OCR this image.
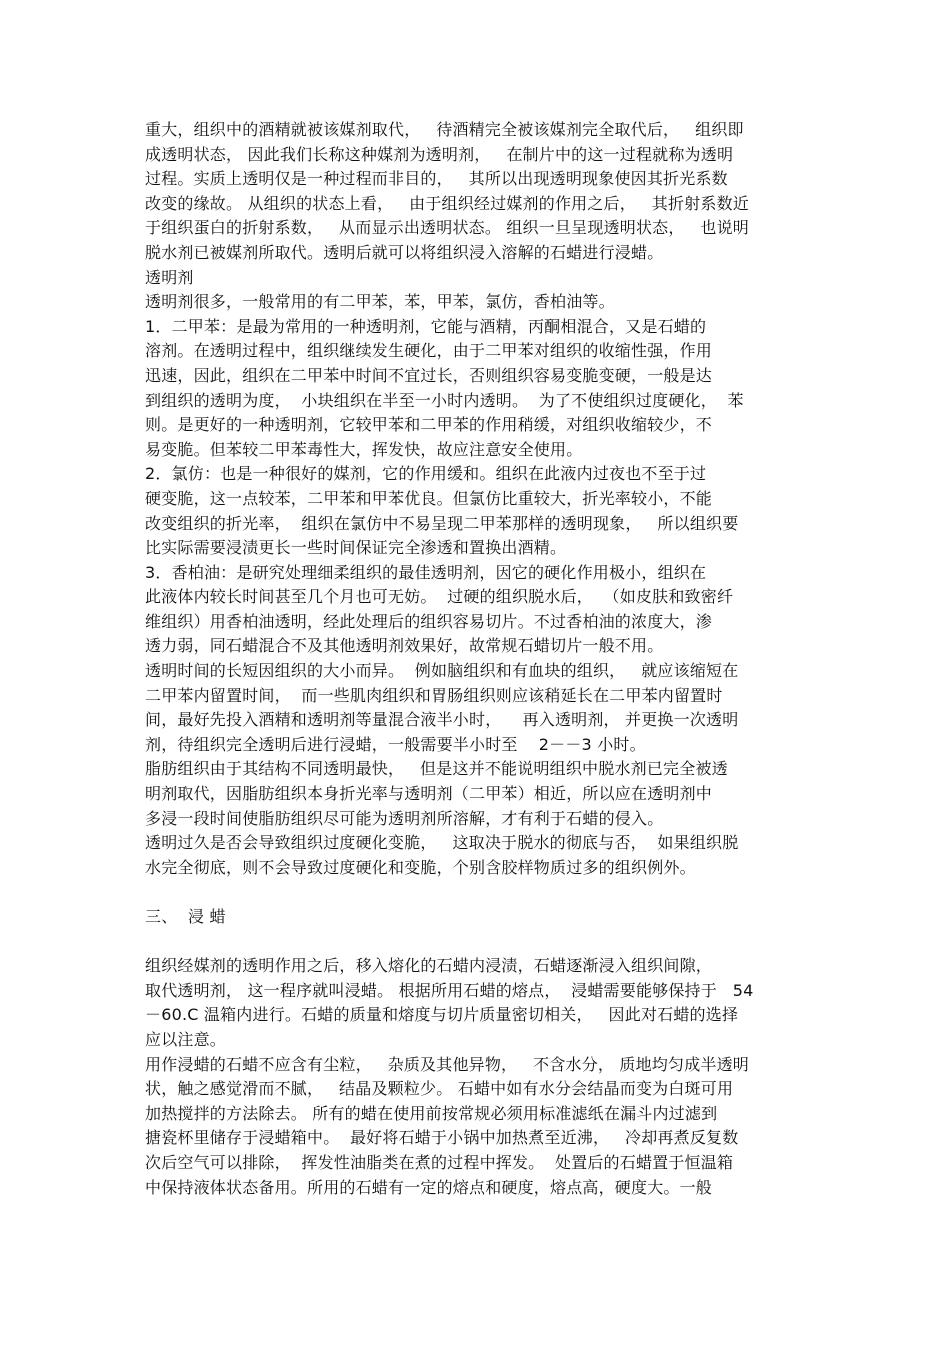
重大，组织中的酒精就被该媒剂取代，   待酒精完全被该媒剂完全取代后，   组织即
成透明状态， 因此我们长称这种媒剂为透明剂，   在制片中的这一过程就称为透明
过程。实质上透明仅是一种过程而非目的，   其所以出现透明现象使因其折光系数
改变的缘故。 从组织的状态上看，   由于组织经过媒剂的作用之后，   其折射系数近
于组织蛋白的折射系数，   从而显示出透明状态。 组织一旦呈现透明状态，   也说明
脱水剂已被媒剂所取代。透明后就可以将组织浸入溶解的石蜡进行浸蜡。
透明剂
透明剂很多，一般常用的有二甲苯，苯，甲苯，氯仿，香柏油等。
1．二甲苯：是最为常用的一种透明剂，它能与酒精，丙酮相混合，又是石蜡的
溶剂。在透明过程中，组织继续发生硬化，由于二甲苯对组织的收缩性强，作用
迅速，因此，组织在二甲苯中时间不宜过长，否则组织容易变脆变硬，一般是达
到组织的透明为度，  小块组织在半至一小时内透明。  为了不使组织过度硬化，  苯
则。是更好的一种透明剂，它较甲苯和二甲苯的作用稍缓，对组织收缩较少，不
易变脆。但苯较二甲苯毒性大，挥发快，故应注意安全使用。
2．氯仿：也是一种很好的媒剂，它的作用缓和。组织在此液内过夜也不至于过
硬变脆，这一点较苯，二甲苯和甲苯优良。但氯仿比重较大，折光率较小，不能
改变组织的折光率，  组织在氯仿中不易呈现二甲苯那样的透明现象，   所以组织要
比实际需要浸渍更长一些时间保证完全渗透和置换出酒精。
3．香柏油：是研究处理细柔组织的最佳透明剂，因它的硬化作用极小，组织在
此液体内较长时间甚至几个月也可无妨。  过硬的组织脱水后，  （如皮肤和致密纤
维组织）用香柏油透明，经此处理后的组织容易切片。不过香柏油的浓度大，渗
透力弱，同石蜡混合不及其他透明剂效果好，故常规石蜡切片一般不用。
透明时间的长短因组织的大小而异。  例如脑组织和有血块的组织，   就应该缩短在
二甲苯内留置时间，  而一些肌肉组织和胃肠组织则应该稍延长在二甲苯内留置时
间，最好先投入酒精和透明剂等量混合液半小时，    再入透明剂， 并更换一次透明
剂，待组织完全透明后进行浸蜡，一般需要半小时至    2－－3 小时。
脂肪组织由于其结构不同透明最快，   但是这并不能说明组织中脱水剂已完全被透
明剂取代，因脂肪组织本身折光率与透明剂（二甲苯）相近，所以应在透明剂中
多浸一段时间使脂肪组织尽可能为透明剂所溶解，才有利于石蜡的侵入。
透明过久是否会导致组织过度硬化变脆，   这取决于脱水的彻底与否，  如果组织脱
水完全彻底，则不会导致过度硬化和变脆，个别含胶样物质过多的组织例外。
三、  浸 蜡
组织经媒剂的透明作用之后，移入熔化的石蜡内浸渍，石蜡逐渐浸入组织间隙，
取代透明剂， 这一程序就叫浸蜡。 根据所用石蜡的熔点，  浸蜡需要能够保持于   54
－60.C 温箱内进行。石蜡的质量和熔度与切片质量密切相关，   因此对石蜡的选择
应以注意。
用作浸蜡的石蜡不应含有尘粒，   杂质及其他异物，   不含水分， 质地均匀成半透明
状，触之感觉滑而不腻，   结晶及颗粒少。 石蜡中如有水分会结晶而变为白斑可用
加热搅拌的方法除去。 所有的蜡在使用前按常规必须用标准滤纸在漏斗内过滤到
搪瓷杯里储存于浸蜡箱中。  最好将石蜡于小锅中加热煮至近沸，   冷却再煮反复数
次后空气可以排除，  挥发性油脂类在煮的过程中挥发。  处置后的石蜡置于恒温箱
中保持液体状态备用。所用的石蜡有一定的熔点和硬度，熔点高，硬度大。一般
